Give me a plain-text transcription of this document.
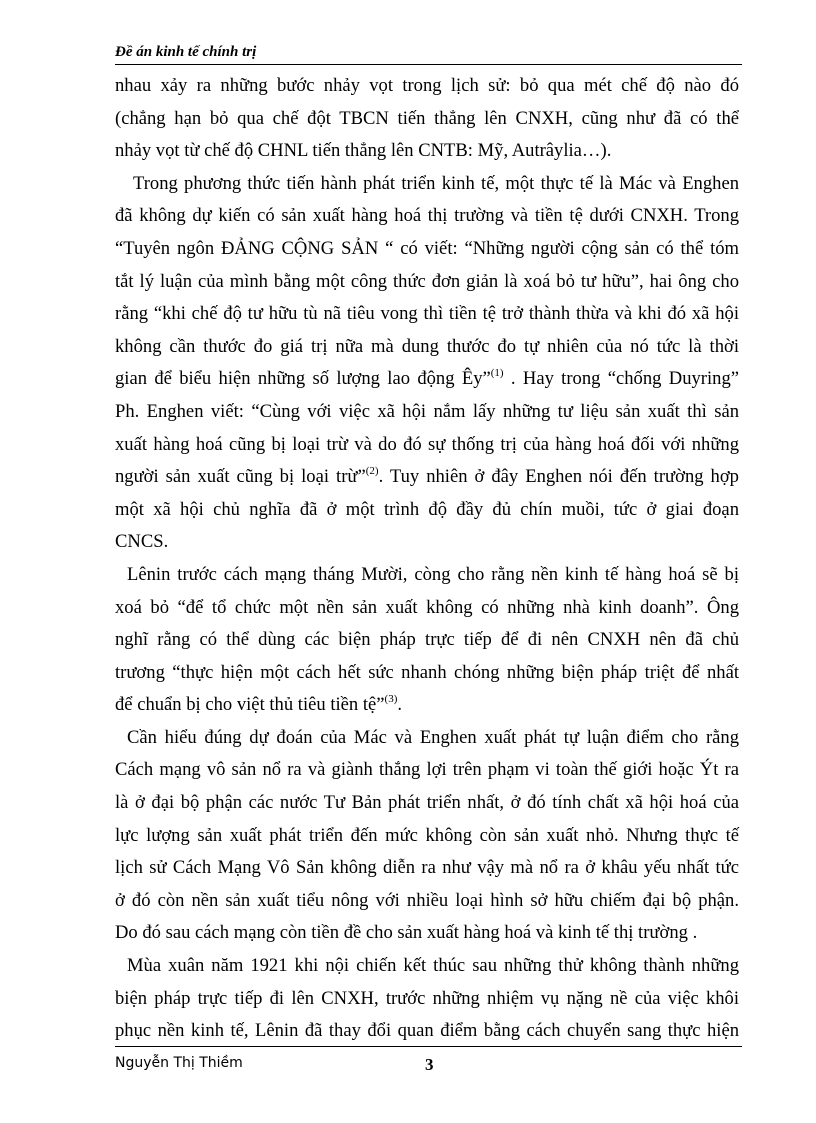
Đề án kinh tế chính trị
nhau xảy ra những bước nhảy vọt trong lịch sử: bỏ qua mét chế độ nào đó
(chẳng hạn bỏ qua chế đột TBCN tiến thẳng lên CNXH, cũng như đã có thể
nhảy vọt từ chế độ CHNL tiến thẳng lên CNTB: Mỹ, Autrâylia…).
Trong phương thức tiến hành phát triển kinh tế, một thực tế là Mác và Enghen
đã không dự kiến có sản xuất hàng hoá thị trường và tiền tệ dưới CNXH. Trong
“Tuyên ngôn ĐẢNG CỘNG SẢN “ có viết: “Những người cộng sản có thể tóm
tắt lý luận của mình bằng một công thức đơn giản là xoá bỏ tư hữu”, hai ông cho
rằng “khi chế độ tư hữu tù nã tiêu vong thì tiền tệ trở thành thừa và khi đó xã hội
không cần thước đo giá trị nữa mà dung thước đo tự nhiên của nó tức là thời
gian để biểu hiện những số lượng lao động Êy”$^{(1)}$ . Hay trong “chống Duyring”
Ph. Enghen viết: “Cùng với việc xã hội nắm lấy những tư liệu sản xuất thì sản
xuất hàng hoá cũng bị loại trừ và do đó sự thống trị của hàng hoá đối với những
người sản xuất cũng bị loại trừ”$^{(2)}$. Tuy nhiên ở đây Enghen nói đến trường hợp
một xã hội chủ nghĩa đã ở một trình độ đầy đủ chín muồi, tức ở giai đoạn
CNCS.
Lênin trước cách mạng tháng Mười, còng cho rằng nền kinh tế hàng hoá sẽ bị
xoá bỏ “để tổ chức một nền sản xuất không có những nhà kinh doanh”. Ông
nghĩ rằng có thể dùng các biện pháp trực tiếp để đi nên CNXH nên đã chủ
trương “thực hiện một cách hết sức nhanh chóng những biện pháp triệt để nhất
để chuẩn bị cho việt thủ tiêu tiền tệ”$^{(3)}$.
Cần hiểu đúng dự đoán của Mác và Enghen xuất phát tự luận điểm cho rằng
Cách mạng vô sản nổ ra và giành thắng lợi trên phạm vi toàn thế giới hoặc Ýt ra
là ở đại bộ phận các nước Tư Bản phát triển nhất, ở đó tính chất xã hội hoá của
lực lượng sản xuất phát triển đến mức không còn sản xuất nhỏ. Nhưng thực tế
lịch sử Cách Mạng Vô Sản không diễn ra như vậy mà nổ ra ở khâu yếu nhất tức
ở đó còn nền sản xuất tiểu nông với nhiều loại hình sở hữu chiếm đại bộ phận.
Do đó sau cách mạng còn tiền đề cho sản xuất hàng hoá và kinh tế thị trường .
Mùa xuân năm 1921 khi nội chiến kết thúc sau những thử không thành những
biện pháp trực tiếp đi lên CNXH, trước những nhiệm vụ nặng nề của việc khôi
phục nền kinh tế, Lênin đã thay đổi quan điểm bằng cách chuyển sang thực hiện
Nguyễn Thị Thiềm	3
